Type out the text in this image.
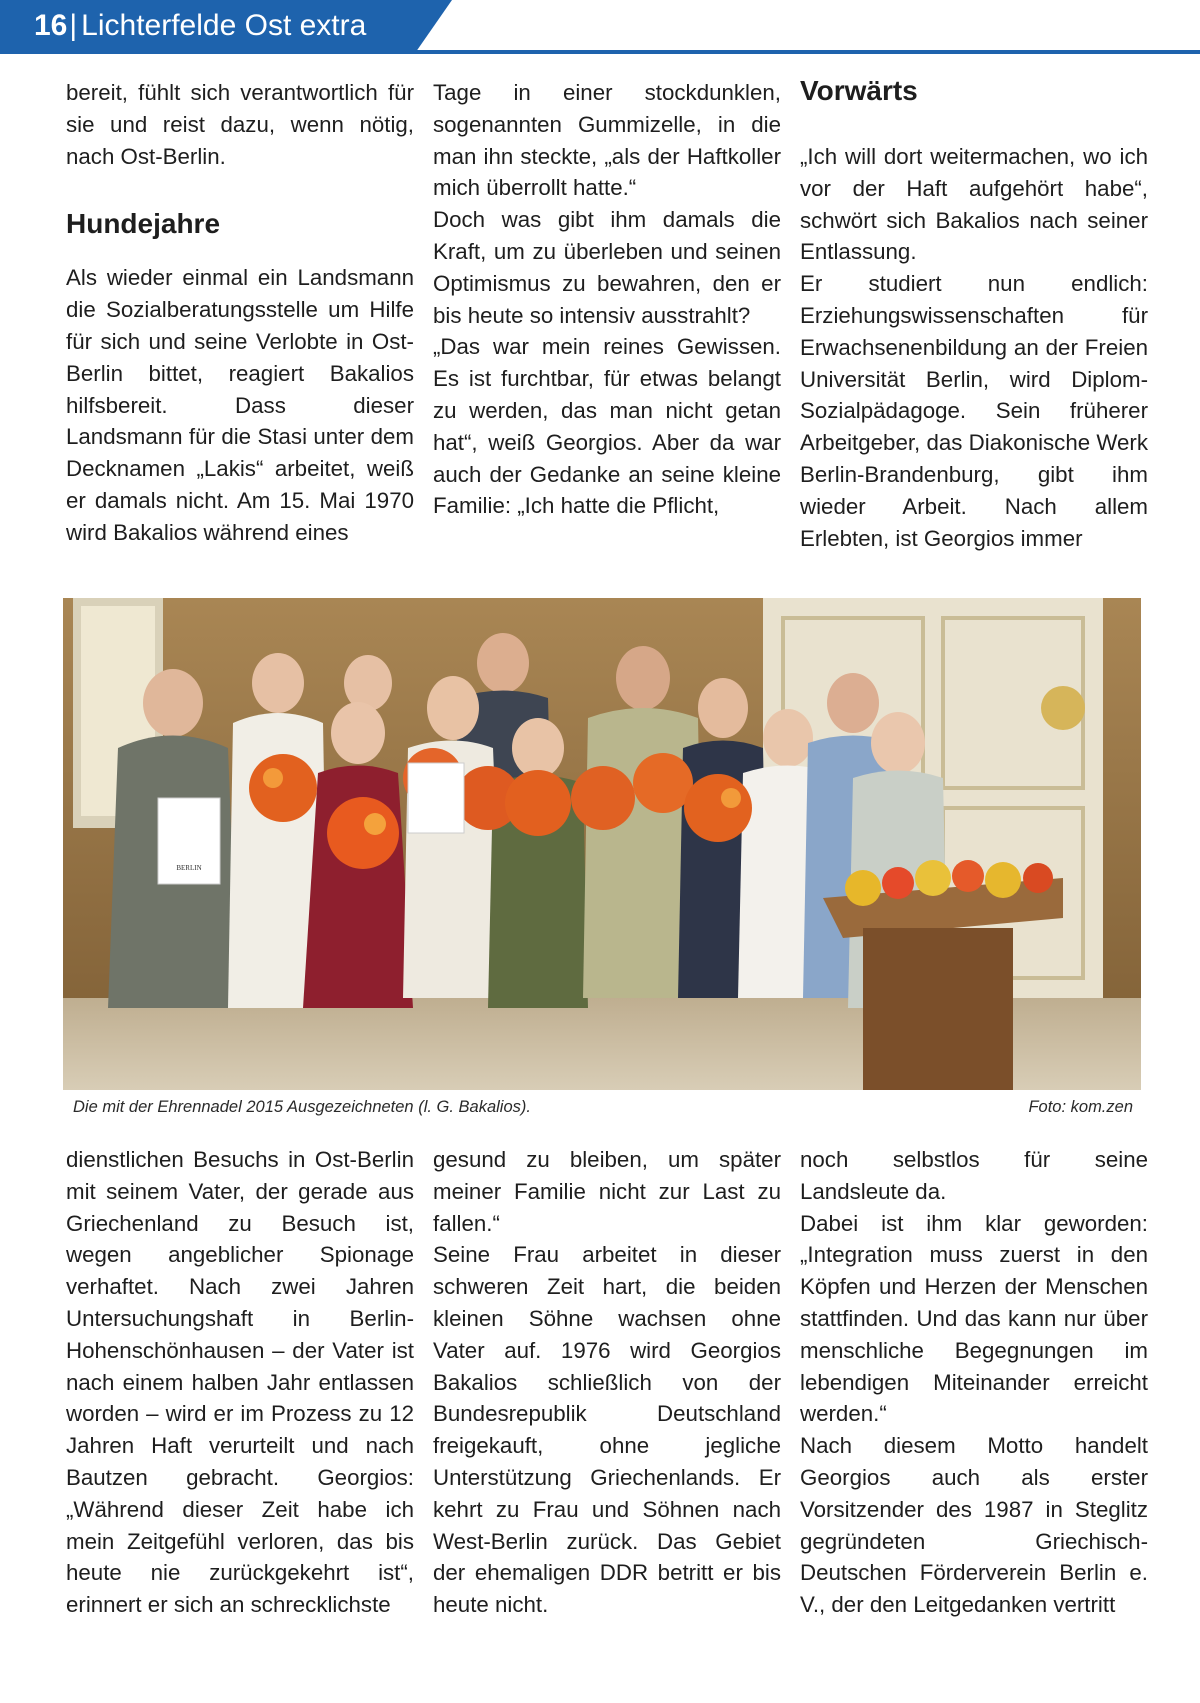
16| Lichterfelde Ost extra

bereit, fühlt sich verantwortlich für sie und reist dazu, wenn nötig, nach Ost-Berlin.

Hundejahre

Als wieder einmal ein Landsmann die Sozialberatungsstelle um Hilfe für sich und seine Verlobte in Ost-Berlin bittet, reagiert Bakalios hilfsbereit. Dass dieser Landsmann für die Stasi unter dem Decknamen „Lakis“ arbeitet, weiß er damals nicht. Am 15. Mai 1970 wird Bakalios während eines

Tage in einer stockdunklen, sogenannten Gummizelle, in die man ihn steckte, „als der Haftkoller mich überrollt hatte.“

Doch was gibt ihm damals die Kraft, um zu überleben und seinen Optimismus zu bewahren, den er bis heute so intensiv ausstrahlt?

„Das war mein reines Gewissen. Es ist furchtbar, für etwas belangt zu werden, das man nicht getan hat“, weiß Georgios. Aber da war auch der Gedanke an seine kleine Familie: „Ich hatte die Pflicht,

Vorwärts

„Ich will dort weitermachen, wo ich vor der Haft aufgehört habe“, schwört sich Bakalios nach seiner Entlassung.

Er studiert nun endlich: Erziehungswissenschaften für Erwachsenenbildung an der Freien Universität Berlin, wird Diplom-Sozialpädagoge. Sein früherer Arbeitgeber, das Diakonische Werk Berlin-Brandenburg, gibt ihm wieder Arbeit. Nach allem Erlebten, ist Georgios immer

BERLIN
Die mit der Ehrennadel 2015 Ausgezeichneten (l. G. Bakalios).	Foto: kom.zen

dienstlichen Besuchs in Ost-Berlin mit seinem Vater, der gerade aus Griechenland zu Besuch ist, wegen angeblicher Spionage verhaftet. Nach zwei Jahren Untersuchungshaft in Berlin-Hohenschönhausen – der Vater ist nach einem halben Jahr entlassen worden – wird er im Prozess zu 12 Jahren Haft verurteilt und nach Bautzen gebracht. Georgios: „Während dieser Zeit habe ich mein Zeitgefühl verloren, das bis heute nie zurückgekehrt ist“, erinnert er sich an schrecklichste

gesund zu bleiben, um später meiner Familie nicht zur Last zu fallen.“

Seine Frau arbeitet in dieser schweren Zeit hart, die beiden kleinen Söhne wachsen ohne Vater auf. 1976 wird Georgios Bakalios schließlich von der Bundesrepublik Deutschland freigekauft, ohne jegliche Unterstützung Griechenlands. Er kehrt zu Frau und Söhnen nach West-Berlin zurück. Das Gebiet der ehemaligen DDR betritt er bis heute nicht.

noch selbstlos für seine Landsleute da.

Dabei ist ihm klar geworden: „Integration muss zuerst in den Köpfen und Herzen der Menschen stattfinden. Und das kann nur über menschliche Begegnungen im lebendigen Miteinander erreicht werden.“

Nach diesem Motto handelt Georgios auch als erster Vorsitzender des 1987 in Steglitz gegründeten Griechisch-Deutschen Förderverein Berlin e. V., der den Leitgedanken vertritt
